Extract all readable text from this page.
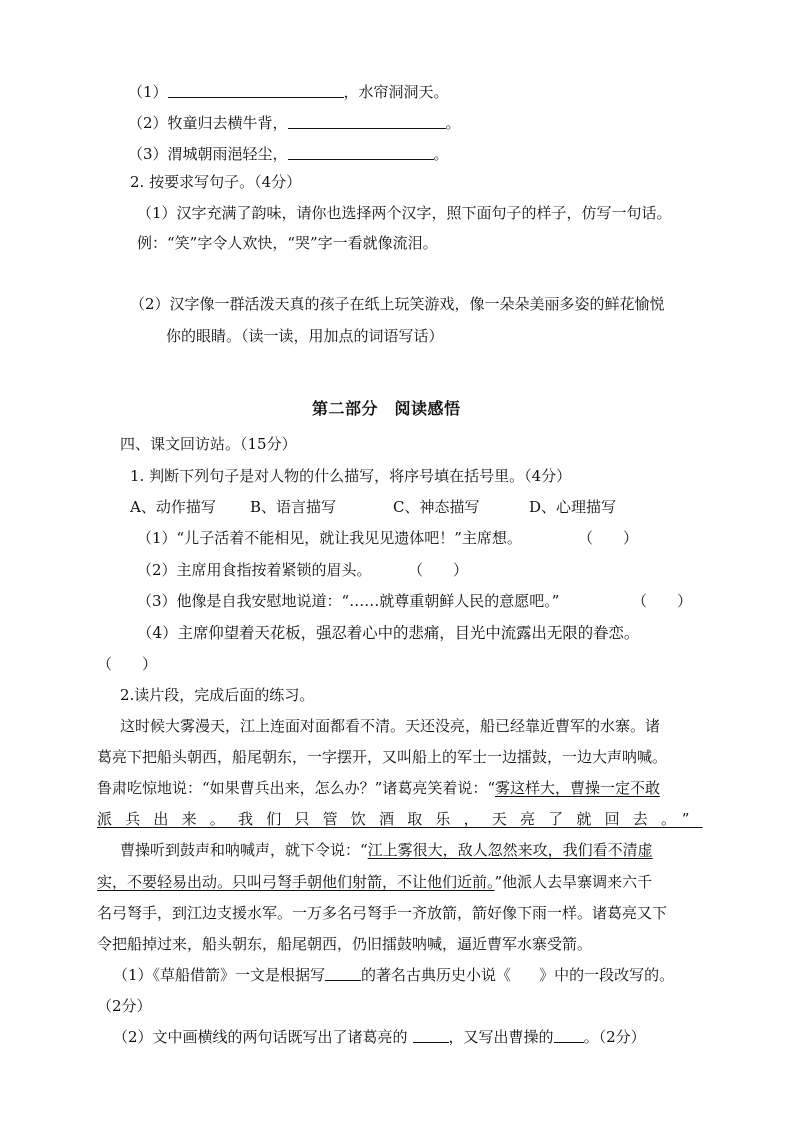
（1）	，水帘洞洞天。
（2）牧童归去横牛背，	。
（3）渭城朝雨浥轻尘，	。
2. 按要求写句子。（4分）
（1）汉字充满了韵味，请你也选择两个汉字，照下面句子的样子，仿写一句话。
例：“笑”字令人欢快，“哭”字一看就像流泪。
（2）汉字像一群活泼天真的孩子在纸上玩笑游戏，像一朵朵美丽多姿的鲜花愉悦
你的眼睛。（读一读，用加点的词语写话）
第二部分　阅读感悟
四、课文回访站。（15分）
1. 判断下列句子是对人物的什么描写，将序号填在括号里。（4分）
A、动作描写 B、语言描写	C、神态描写	D、心理描写
（1）“儿子活着不能相见，就让我见见遗体吧！”主席想。	（　　）
（2）主席用食指按着紧锁的眉头。 （　　）
（3）他像是自我安慰地说道：“……就尊重朝鲜人民的意愿吧。”	（　　）
（4）主席仰望着天花板，强忍着心中的悲痛，目光中流露出无限的眷恋。
（　　）
2.读片段，完成后面的练习。
这时候大雾漫天，江上连面对面都看不清。天还没亮，船已经靠近曹军的水寨。诸
葛亮下把船头朝西，船尾朝东，一字摆开，又叫船上的军士一边擂鼓，一边大声呐喊。
鲁肃吃惊地说：“如果曹兵出来，怎么办？”诸葛亮笑着说：“雾这样大，曹操一定不敢
派兵出来。我们只管饮酒取乐，天亮了就回去。”
曹操听到鼓声和呐喊声，就下令说：“江上雾很大，敌人忽然来攻，我们看不清虚
实，不要轻易出动。只叫弓弩手朝他们射箭，不让他们近前。”他派人去旱寨调来六千
名弓弩手，到江边支援水军。一万多名弓弩手一齐放箭，箭好像下雨一样。诸葛亮又下
令把船掉过来，船头朝东，船尾朝西，仍旧擂鼓呐喊，逼近曹军水寨受箭。
（1）《草船借箭》一文是根据写 的著名古典历史小说《 》中的一段改写的。
（2分）
（2）文中画横线的两句话既写出了诸葛亮的	，又写出曹操的 。（2分）
